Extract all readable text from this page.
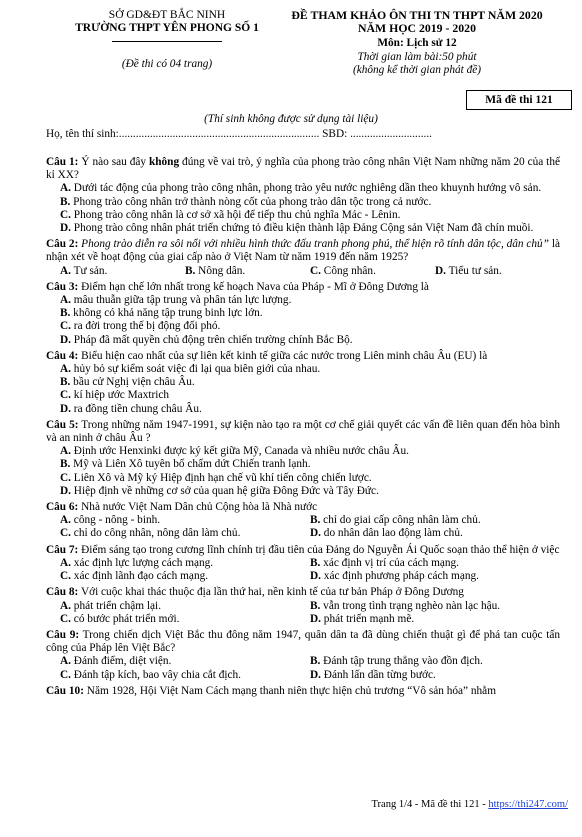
SỞ GD&ĐT BẮC NINH
TRƯỜNG THPT YÊN PHONG SỐ 1
(Đề thi có 04 trang)
ĐỀ THAM KHẢO ÔN THI TN THPT NĂM 2020
NĂM HỌC 2019 - 2020
Môn: Lịch sử 12
Thời gian làm bài:50 phút
(không kể thời gian phát đề)
Mã đề thi 121
(Thí sinh không được sử dụng tài liệu)
Họ, tên thí sinh:....................................................................... SBD: .............................
Câu 1: Ý nào sau đây không đúng về vai trò, ý nghĩa của phong trào công nhân Việt Nam những năm 20 của thế kỉ XX?
A. Dưới tác động của phong trào công nhân, phong trào yêu nước nghiêng dần theo khuynh hướng vô sản.
B. Phong trào công nhân trở thành nòng cốt của phong trào dân tộc trong cả nước.
C. Phong trào công nhân là cơ sở xã hội để tiếp thu chủ nghĩa Mác - Lênin.
D. Phong trào công nhân phát triển chứng tỏ điều kiện thành lập Đảng Cộng sản Việt Nam đã chín muồi.
Câu 2: Phong trào diễn ra sôi nổi với nhiều hình thức đấu tranh phong phú, thể hiện rõ tính dân tộc, dân chủ” là nhận xét về hoạt động của giai cấp nào ở Việt Nam từ năm 1919 đến năm 1925?
A. Tư sản.	B. Nông dân.	C. Công nhân.	D. Tiểu tư sản.
Câu 3: Điểm hạn chế lớn nhất trong kế hoạch Nava của Pháp - Mĩ ở Đông Dương là
A. mâu thuẫn giữa tập trung và phân tán lực lượng.
B. không có khả năng tập trung binh lực lớn.
C. ra đời trong thế bị động đối phó.
D. Pháp đã mất quyền chủ động trên chiến trường chính Bắc Bộ.
Câu 4: Biểu hiện cao nhất của sự liên kết kinh tế giữa các nước trong Liên minh châu Âu (EU) là
A. hủy bỏ sự kiểm soát việc đi lại qua biên giới của nhau.
B. bầu cử Nghị viện châu Âu.
C. kí hiệp ước Maxtrich
D. ra đồng tiền chung châu Âu.
Câu 5: Trong những năm 1947-1991, sự kiện nào tạo ra một cơ chế giải quyết các vấn đề liên quan đến hòa bình và an ninh ở châu Âu ?
A. Định ước Henxinki được ký kết giữa Mỹ, Canada và nhiều nước châu Âu.
B. Mỹ và Liên Xô tuyên bố chấm dứt Chiến tranh lạnh.
C. Liên Xô và Mỹ ký Hiệp định hạn chế vũ khí tiến công chiến lược.
D. Hiệp định về những cơ sở của quan hệ giữa Đông Đức và Tây Đức.
Câu 6: Nhà nước Việt Nam Dân chủ Cộng hòa là Nhà nước
A. công - nông - binh.	B. chỉ do giai cấp công nhân làm chủ.
C. chỉ do công nhân, nông dân làm chủ.	D. do nhân dân lao động làm chủ.
Câu 7: Điểm sáng tạo trong cương lĩnh chính trị đầu tiên của Đảng do Nguyễn Ái Quốc soạn thảo thể hiện ở việc
A. xác định lực lượng cách mạng.	B. xác định vị trí của cách mạng.
C. xác định lãnh đạo cách mạng.	D. xác định phương pháp cách mạng.
Câu 8: Với cuộc khai thác thuộc địa lần thứ hai, nền kinh tế của tư bản Pháp ở Đông Dương
A. phát triển chậm lại.	B. vẫn trong tình trạng nghèo nàn lạc hậu.
C. có bước phát triển mới.	D. phát triển mạnh mẽ.
Câu 9: Trong chiến dịch Việt Bắc thu đông năm 1947, quân dân ta đã dùng chiến thuật gì để phá tan cuộc tấn công của Pháp lên Việt Bắc?
A. Đánh điểm, diệt viện.	B. Đánh tập trung thẳng vào đồn địch.
C. Đánh tập kích, bao vây chia cắt địch.	D. Đánh lấn dần từng bước.
Câu 10: Năm 1928, Hội Việt Nam Cách mạng thanh niên thực hiện chủ trương “Vô sản hóa” nhằm
Trang 1/4 - Mã đề thi 121 - https://thi247.com/
